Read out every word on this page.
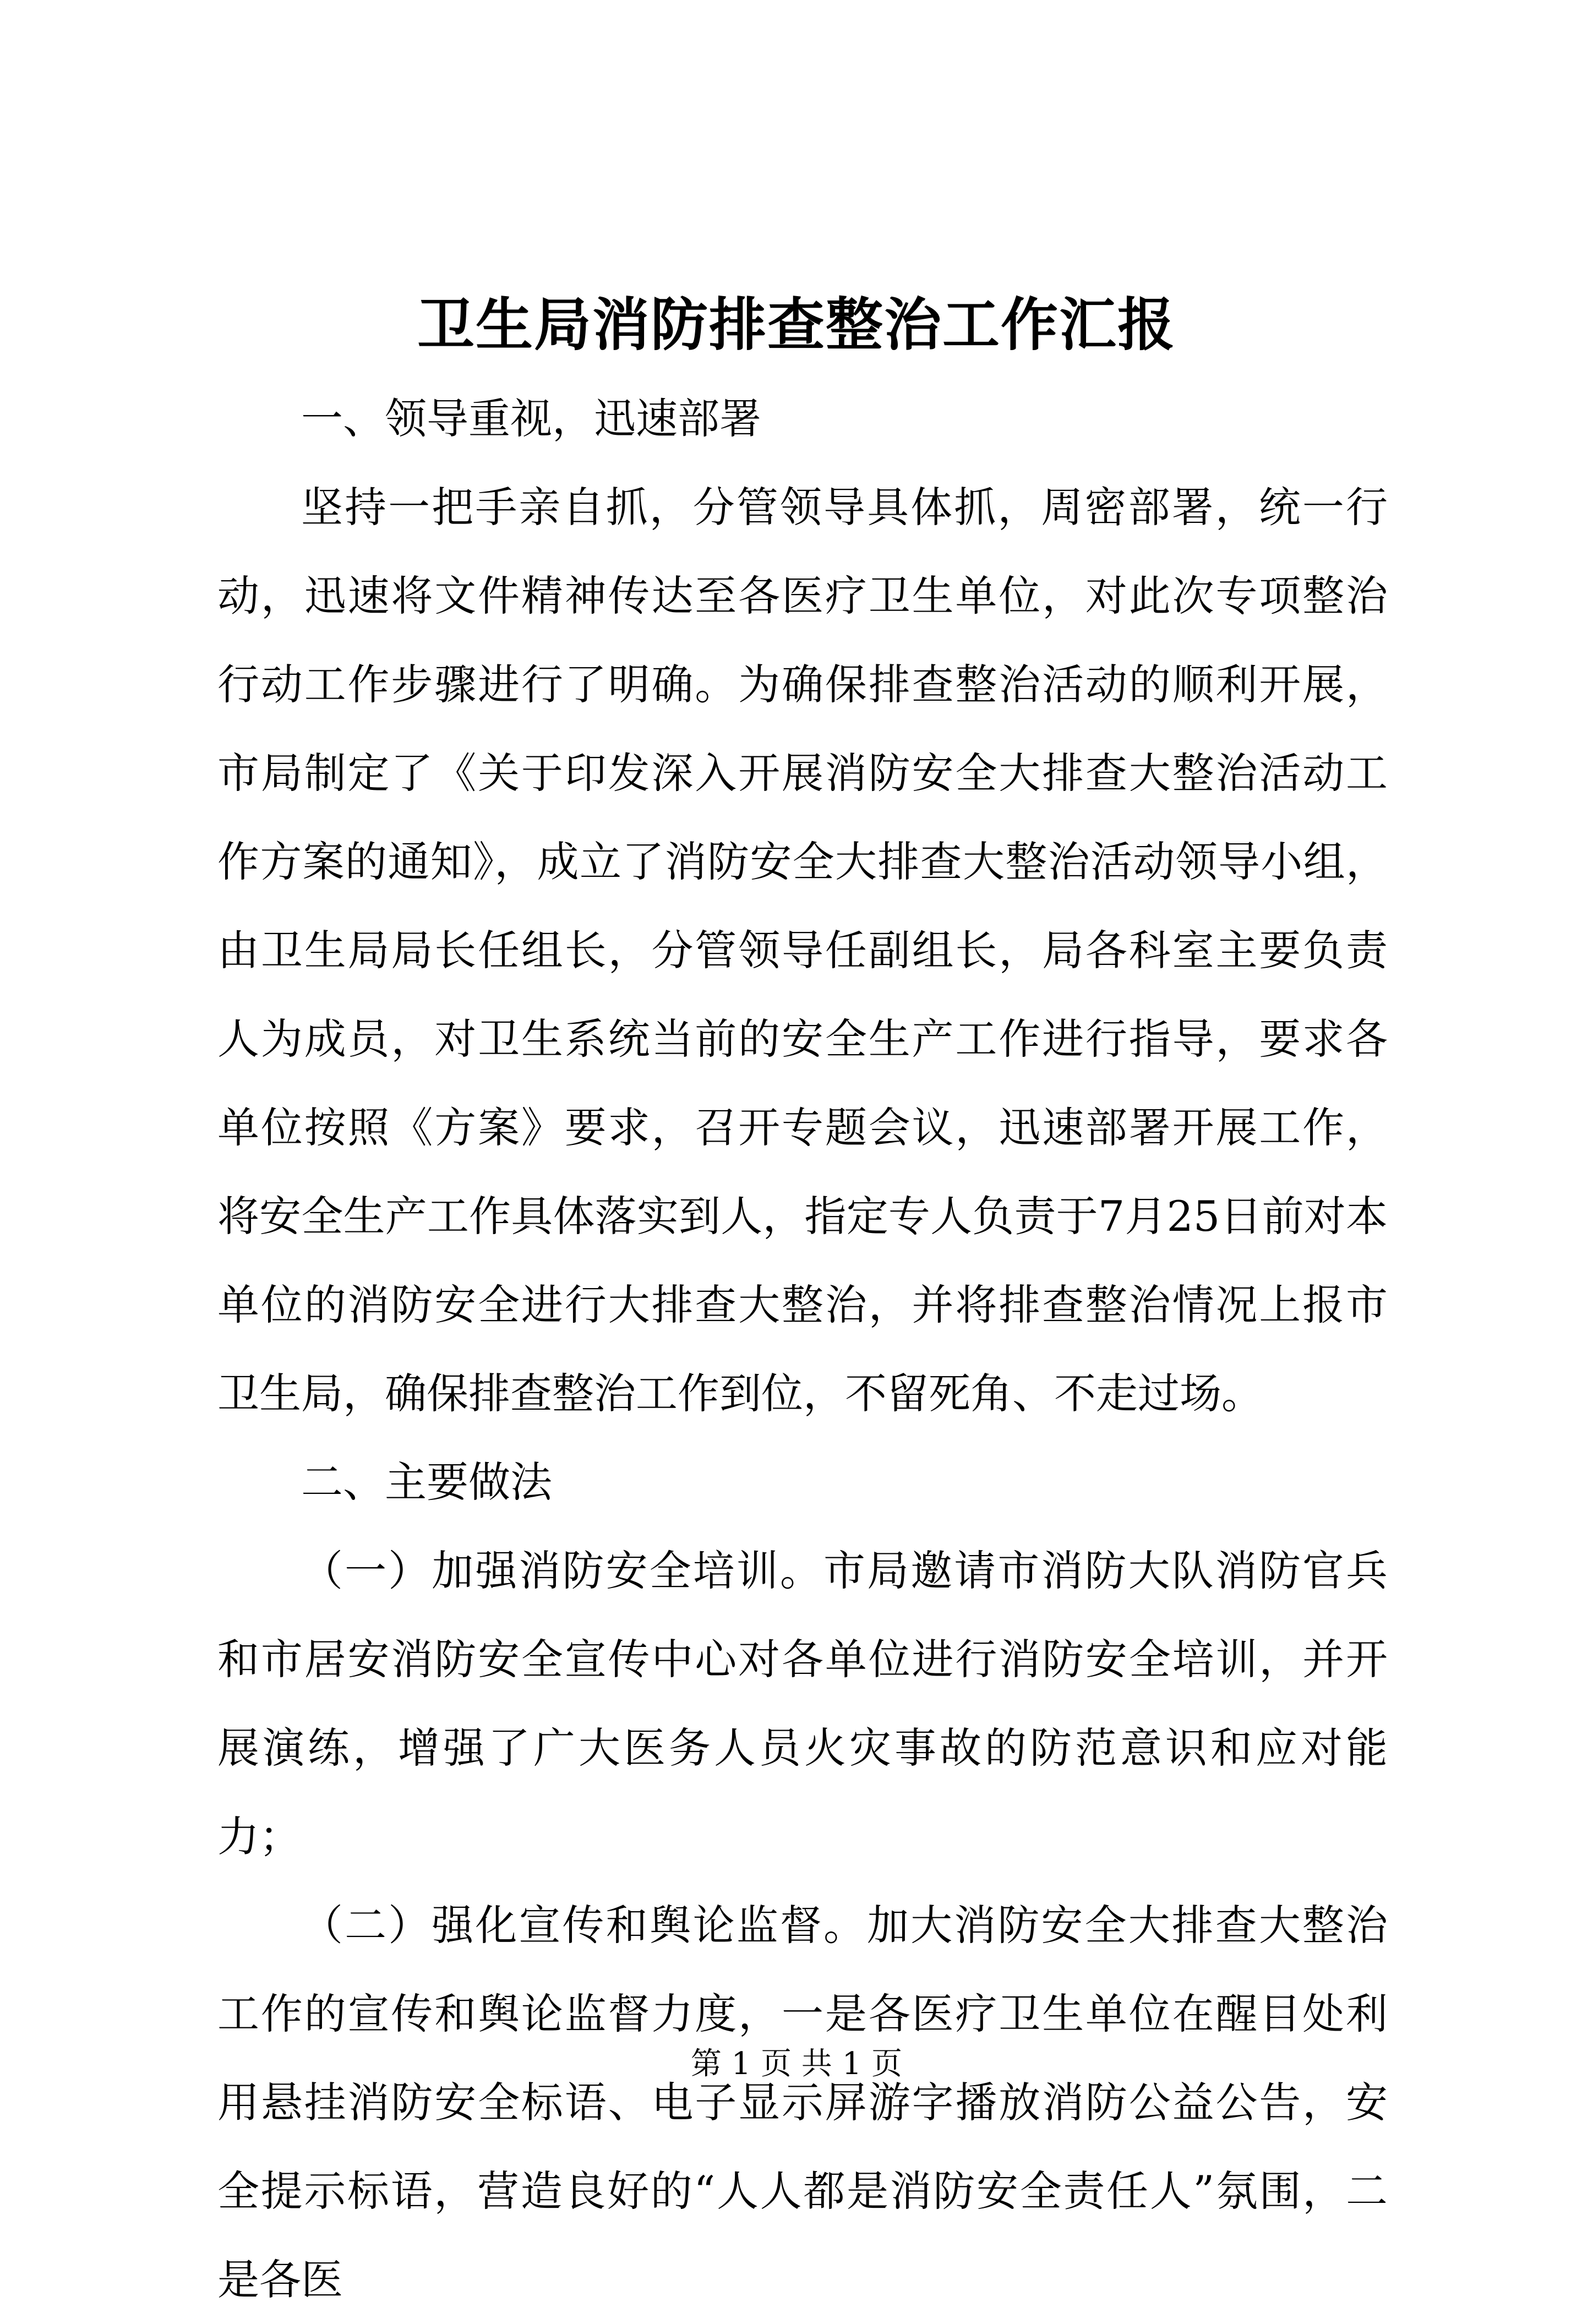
卫生局消防排查整治工作汇报

一、领导重视，迅速部署

坚持一把手亲自抓，分管领导具体抓，周密部署，统一行动，迅速将文件精神传达至各医疗卫生单位，对此次专项整治行动工作步骤进行了明确。为确保排查整治活动的顺利开展，市局制定了《关于印发深入开展消防安全大排查大整治活动工作方案的通知》，成立了消防安全大排查大整治活动领导小组，由卫生局局长任组长，分管领导任副组长，局各科室主要负责人为成员，对卫生系统当前的安全生产工作进行指导，要求各单位按照《方案》要求，召开专题会议，迅速部署开展工作，将安全生产工作具体落实到人，指定专人负责于7月25日前对本单位的消防安全进行大排查大整治，并将排查整治情况上报市卫生局，确保排查整治工作到位，不留死角、不走过场。

二、主要做法

（一）加强消防安全培训。市局邀请市消防大队消防官兵和市居安消防安全宣传中心对各单位进行消防安全培训，并开展演练，增强了广大医务人员火灾事故的防范意识和应对能力；

（二）强化宣传和舆论监督。加大消防安全大排查大整治工作的宣传和舆论监督力度，一是各医疗卫生单位在醒目处利用悬挂消防安全标语、电子显示屏游字播放消防公益公告，安全提示标语，营造良好的“人人都是消防安全责任人”氛围，二是各医

第 1 页 共 1 页
